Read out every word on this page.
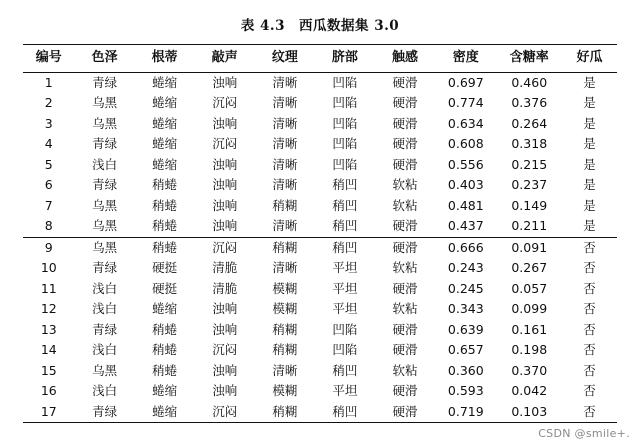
表 4.3 西瓜数据集 3.0
编号	色泽	根蒂	敲声	纹理	脐部	触感	密度	含糖率	好瓜
1	青绿	蜷缩	浊响	清晰	凹陷	硬滑	0.697	0.460	是
2	乌黑	蜷缩	沉闷	清晰	凹陷	硬滑	0.774	0.376	是
3	乌黑	蜷缩	浊响	清晰	凹陷	硬滑	0.634	0.264	是
4	青绿	蜷缩	沉闷	清晰	凹陷	硬滑	0.608	0.318	是
5	浅白	蜷缩	浊响	清晰	凹陷	硬滑	0.556	0.215	是
6	青绿	稍蜷	浊响	清晰	稍凹	软粘	0.403	0.237	是
7	乌黑	稍蜷	浊响	稍糊	稍凹	软粘	0.481	0.149	是
8	乌黑	稍蜷	浊响	清晰	稍凹	硬滑	0.437	0.211	是
9	乌黑	稍蜷	沉闷	稍糊	稍凹	硬滑	0.666	0.091	否
10	青绿	硬挺	清脆	清晰	平坦	软粘	0.243	0.267	否
11	浅白	硬挺	清脆	模糊	平坦	硬滑	0.245	0.057	否
12	浅白	蜷缩	浊响	模糊	平坦	软粘	0.343	0.099	否
13	青绿	稍蜷	浊响	稍糊	凹陷	硬滑	0.639	0.161	否
14	浅白	稍蜷	沉闷	稍糊	凹陷	硬滑	0.657	0.198	否
15	乌黑	稍蜷	浊响	清晰	稍凹	软粘	0.360	0.370	否
16	浅白	蜷缩	浊响	模糊	平坦	硬滑	0.593	0.042	否
17	青绿	蜷缩	沉闷	稍糊	稍凹	硬滑	0.719	0.103	否
CSDN @smile+.
